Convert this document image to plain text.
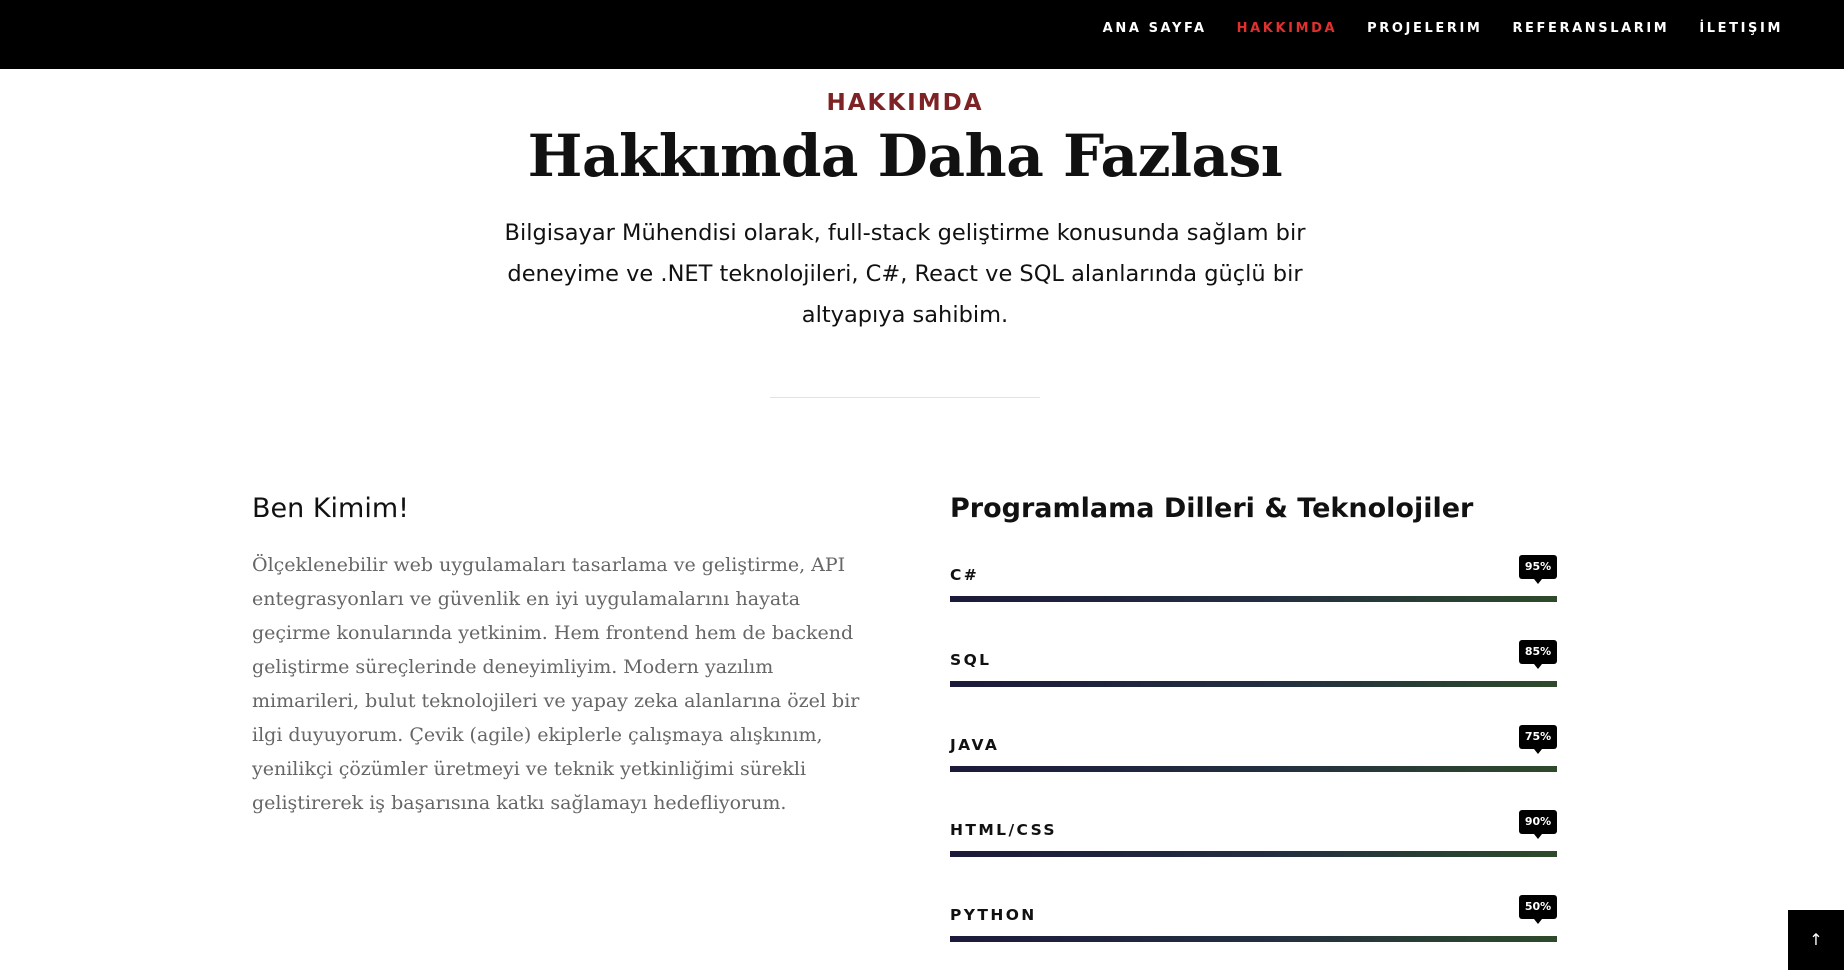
ANA SAYFA HAKKIMDA PROJELERIM REFERANSLARIM İLETIŞIM
HAKKIMDA
Hakkımda Daha Fazlası

Bilgisayar Mühendisi olarak, full-stack geliştirme konusunda sağlam bir deneyime ve .NET teknolojileri, C#, React ve SQL alanlarında güçlü bir altyapıya sahibim.

Ben Kimim!

Ölçeklenebilir web uygulamaları tasarlama ve geliştirme, API entegrasyonları ve güvenlik en iyi uygulamalarını hayata geçirme konularında yetkinim. Hem frontend hem de backend geliştirme süreçlerinde deneyimliyim. Modern yazılım mimarileri, bulut teknolojileri ve yapay zeka alanlarına özel bir ilgi duyuyorum. Çevik (agile) ekiplerle çalışmaya alışkınım, yenilikçi çözümler üretmeyi ve teknik yetkinliğimi sürekli geliştirerek iş başarısına katkı sağlamayı hedefliyorum.

Programlama Dilleri & Teknolojiler
C#	95%
SQL	85%
JAVA	75%
HTML/CSS	90%
PYTHON	50%
↑
